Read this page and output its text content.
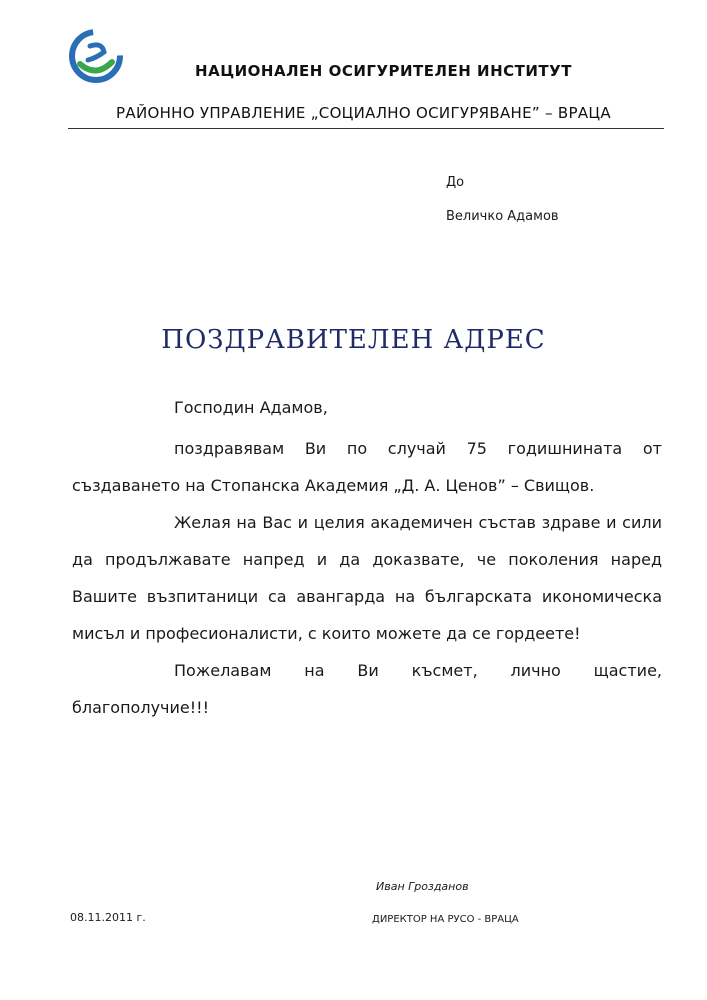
НАЦИОНАЛЕН ОСИГУРИТЕЛЕН ИНСТИТУТ
РАЙОННО УПРАВЛЕНИЕ „СОЦИАЛНО ОСИГУРЯВАНЕ” – ВРАЦА
До
Величко Адамов
ПОЗДРАВИТЕЛЕН АДРЕС
Господин Адамов,

поздравявам Ви по случай 75 годишнината от създаването на Стопанска Академия „Д. А. Ценов” – Свищов.

Желая на Вас и целия академичен състав здраве и сили да продължавате напред и да доказвате, че поколения наред Вашите възпитаници са авангарда на българската икономическа мисъл и професионалисти, с които можете да се гордеете!

Пожелавам на Ви късмет, лично щастие, благополучие!!!

Иван Грозданов
ДИРЕКТОР НА РУСО - ВРАЦА
08.11.2011 г.
